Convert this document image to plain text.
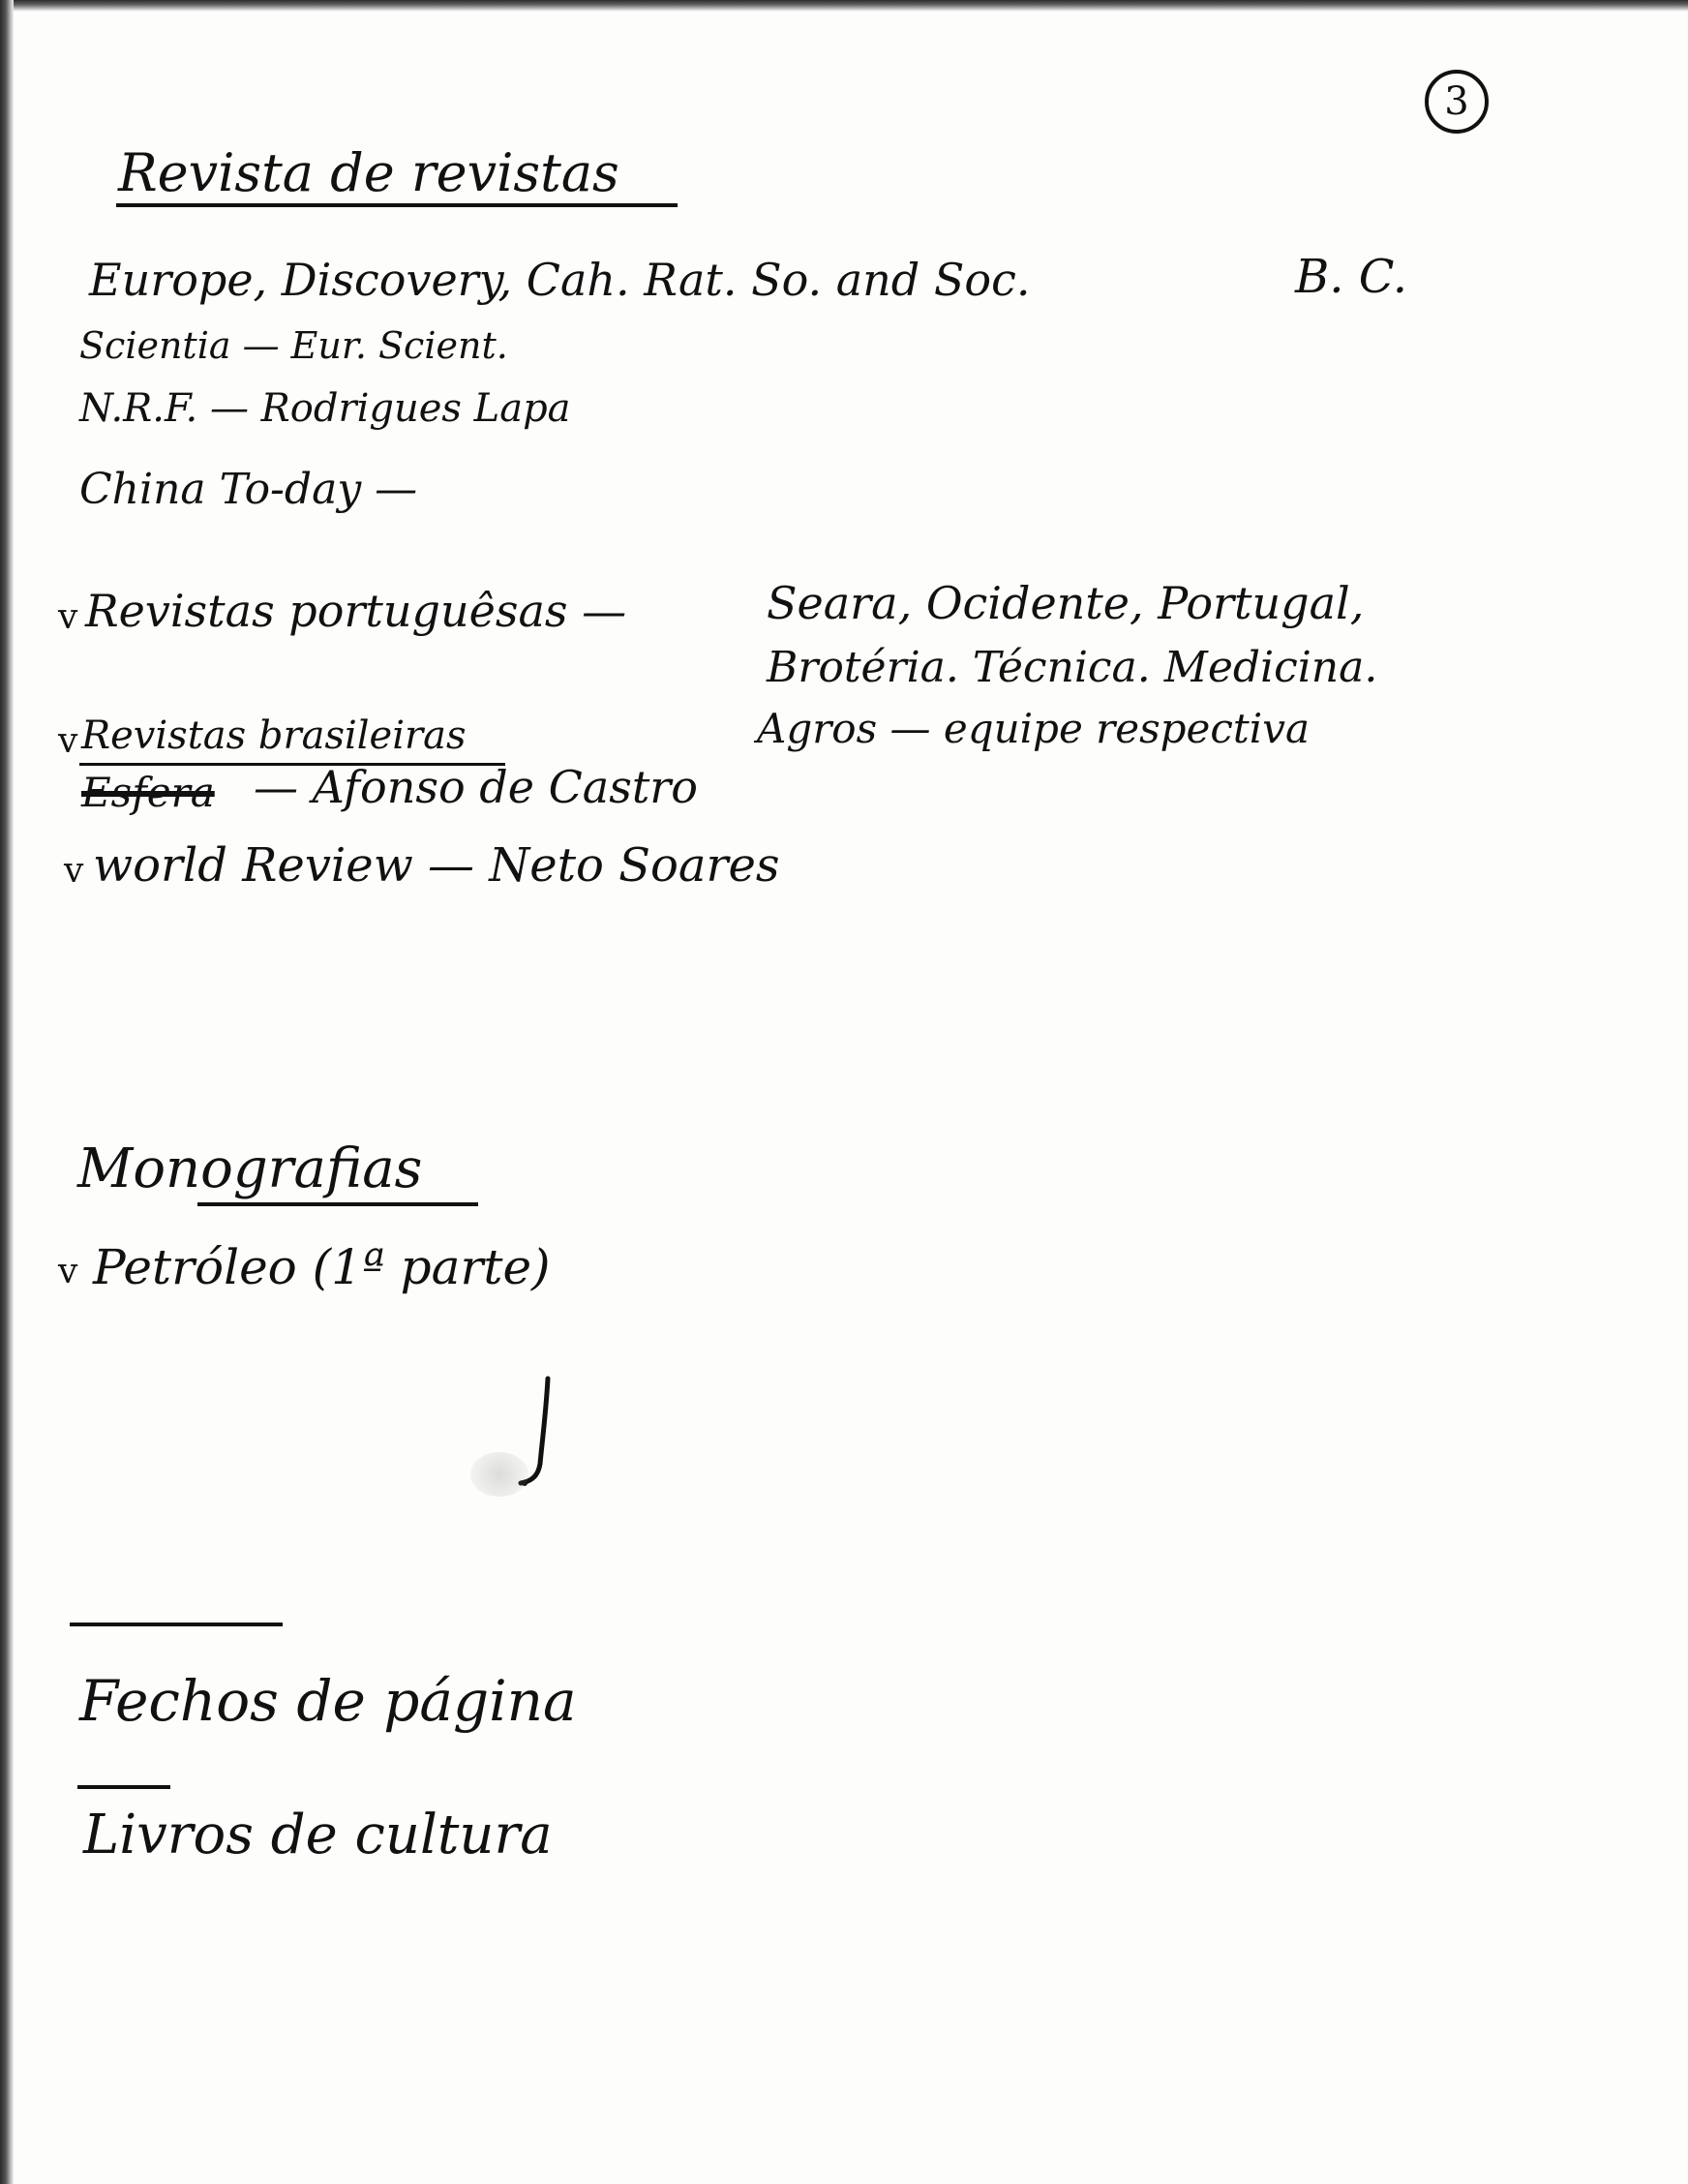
3
Revista de revistas
Europe, Discovery, Cah. Rat. So. and Soc.	B. C.
Scientia — Eur. Scient.
N.R.F. — Rodrigues Lapa
China To-day —
v Revistas portuguêsas —	Seara, Ocidente, Portugal,
Brotéria. Técnica. Medicina.
Agros — equipe respectiva
v Revistas brasileiras
Esfera — Afonso de Castro
v world Review — Neto Soares
Monografias
v Petróleo (1ª parte)
Fechos de página
Livros de cultura
